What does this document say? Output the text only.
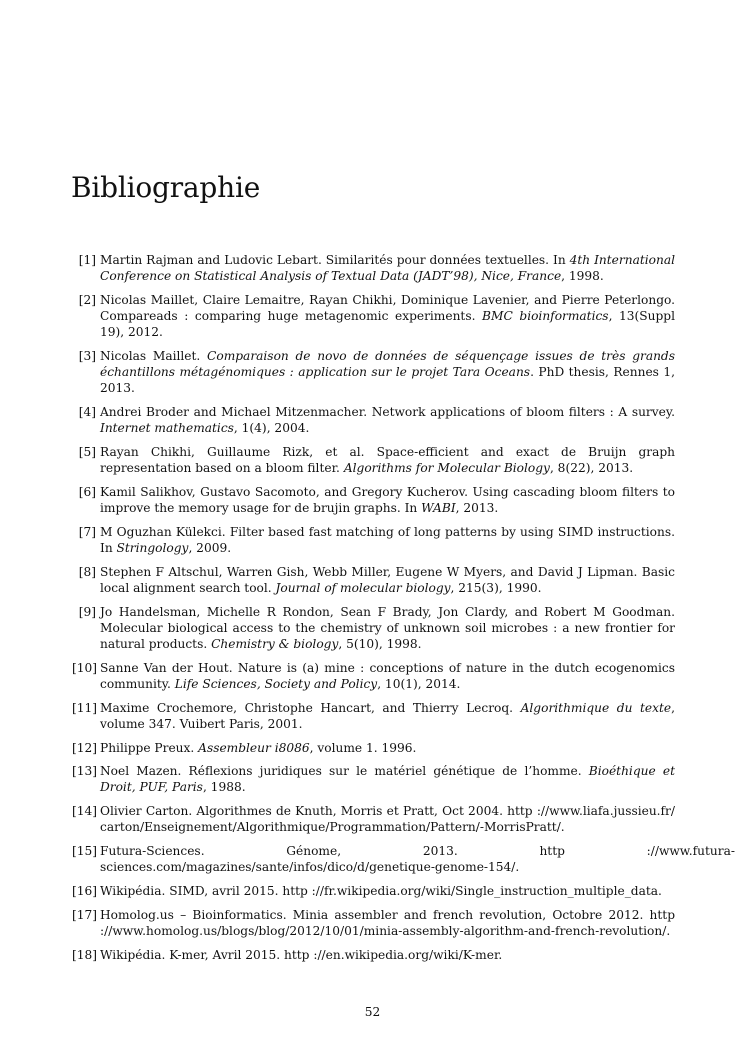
Bibliographie
[1] Martin Rajman and Ludovic Lebart. Similarités pour données textuelles. In 4th International Conference on Statistical Analysis of Textual Data (JADT’98), Nice, France, 1998.
[2] Nicolas Maillet, Claire Lemaitre, Rayan Chikhi, Dominique Lavenier, and Pierre Peterlongo. Compareads : comparing huge metagenomic experiments. BMC bioinformatics, 13(Suppl 19), 2012.
[3] Nicolas Maillet. Comparaison de novo de données de séquençage issues de très grands échantillons métagénomiques : application sur le projet Tara Oceans. PhD thesis, Rennes 1, 2013.
[4] Andrei Broder and Michael Mitzenmacher. Network applications of bloom filters : A survey. Internet mathematics, 1(4), 2004.
[5] Rayan Chikhi, Guillaume Rizk, et al. Space-efficient and exact de Bruijn graph representation based on a bloom filter. Algorithms for Molecular Biology, 8(22), 2013.
[6] Kamil Salikhov, Gustavo Sacomoto, and Gregory Kucherov. Using cascading bloom filters to improve the memory usage for de brujin graphs. In WABI, 2013.
[7] M Oguzhan Külekci. Filter based fast matching of long patterns by using SIMD instructions. In Stringology, 2009.
[8] Stephen F Altschul, Warren Gish, Webb Miller, Eugene W Myers, and David J Lipman. Basic local alignment search tool. Journal of molecular biology, 215(3), 1990.
[9] Jo Handelsman, Michelle R Rondon, Sean F Brady, Jon Clardy, and Robert M Goodman. Molecular biological access to the chemistry of unknown soil microbes : a new frontier for natural products. Chemistry & biology, 5(10), 1998.
[10] Sanne Van der Hout. Nature is (a) mine : conceptions of nature in the dutch ecogenomics community. Life Sciences, Society and Policy, 10(1), 2014.
[11] Maxime Crochemore, Christophe Hancart, and Thierry Lecroq. Algorithmique du texte, volume 347. Vuibert Paris, 2001.
[12] Philippe Preux. Assembleur i8086, volume 1. 1996.
[13] Noel Mazen. Réflexions juridiques sur le matériel génétique de l’homme. Bioéthique et Droit, PUF, Paris, 1988.
[14] Olivier Carton. Algorithmes de Knuth, Morris et Pratt, Oct 2004. http ://www.liafa.jussieu.fr/ carton/Enseignement/Algorithmique/Programmation/Pattern/-MorrisPratt/.
[15] Futura-Sciences. Génome, 2013. http ://www.futura-sciences.com/magazines/sante/infos/dico/d/genetique-genome-154/.
[16] Wikipédia. SIMD, avril 2015. http ://fr.wikipedia.org/wiki/Single_instruction_multiple_data.
[17] Homolog.us – Bioinformatics. Minia assembler and french revolution, Octobre 2012. http ://www.homolog.us/blogs/blog/2012/10/01/minia-assembly-algorithm-and-french-revolution/.
[18] Wikipédia. K-mer, Avril 2015. http ://en.wikipedia.org/wiki/K-mer.
52
